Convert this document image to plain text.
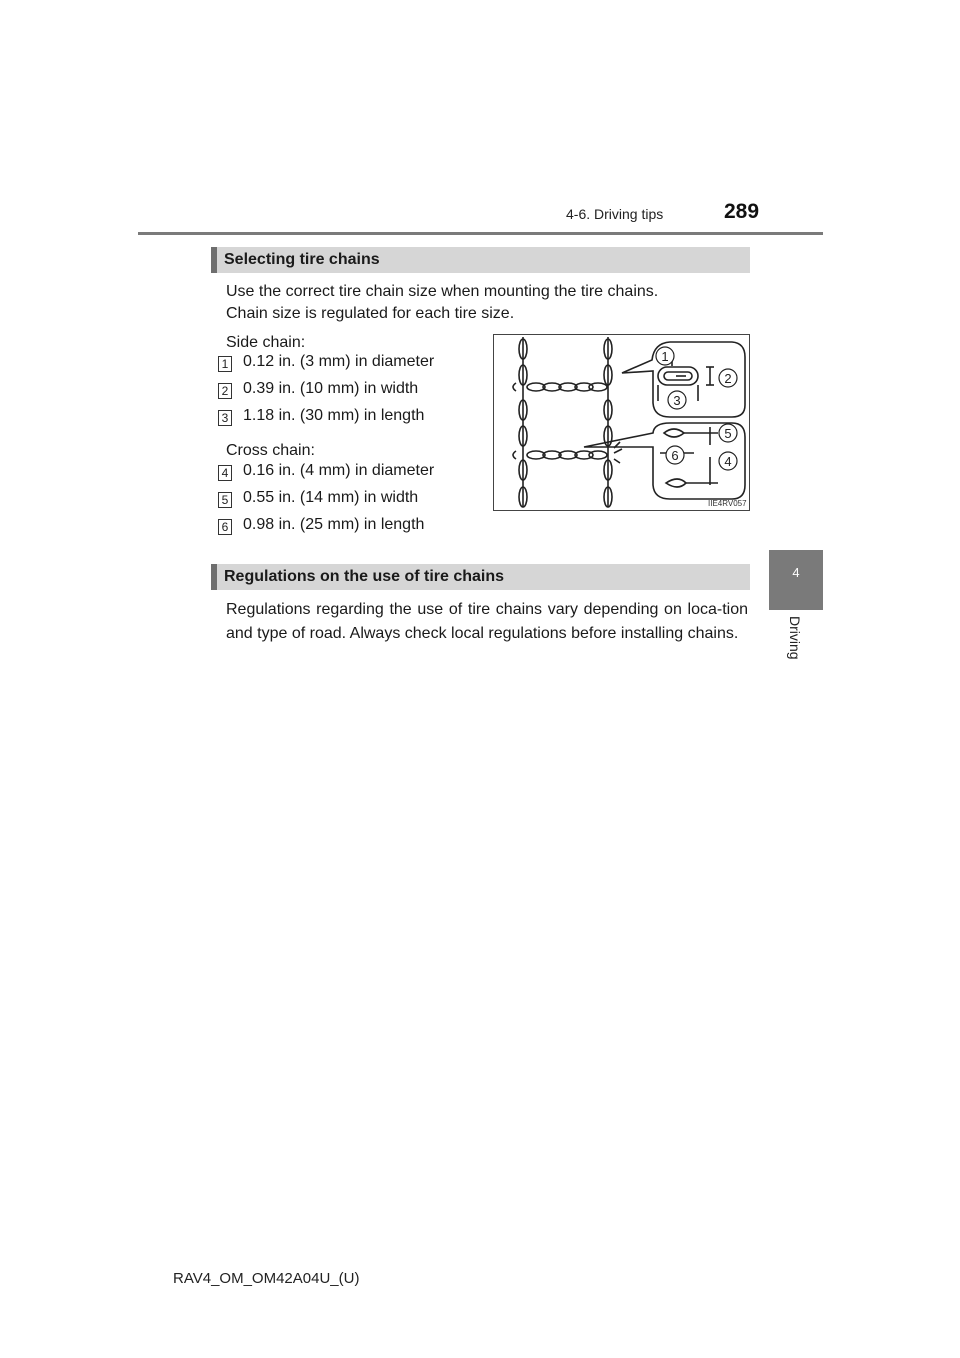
4-6. Driving tips	289
4
Driving
Selecting tire chains
Use the correct tire chain size when mounting the tire chains.
Chain size is regulated for each tire size.
Side chain:
1 0.12 in. (3 mm) in diameter
2 0.39 in. (10 mm) in width
3 1.18 in. (30 mm) in length
Cross chain:
4 0.16 in. (4 mm) in diameter
5 0.55 in. (14 mm) in width
6 0.98 in. (25 mm) in length
1
2
3
4
5
6
IIE4RV057
Regulations on the use of tire chains
Regulations regarding the use of tire chains vary depending on loca-tion and type of road. Always check local regulations before installing chains.
RAV4_OM_OM42A04U_(U)
